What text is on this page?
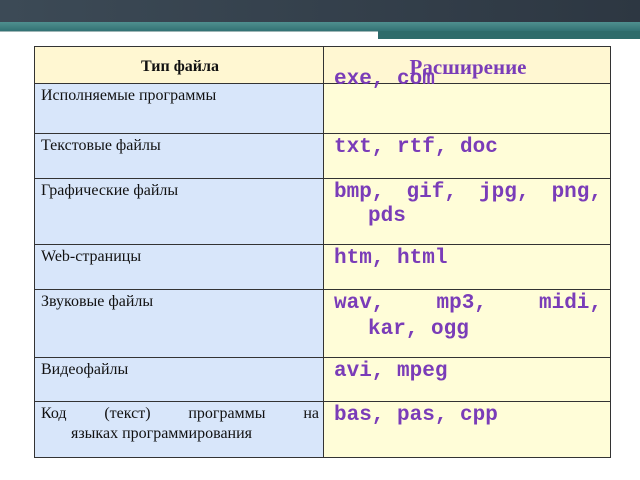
Тип файла	Расширение

Исполняемые программы	exe, com

Текстовые файлы	txt, rtf, doc

Графические файлы	bmp, gif, jpg, png,
pds

Web-страницы	htm, html

Звуковые файлы	wav, mp3, midi,
kar, ogg

Видеофайлы	avi, mpeg

Код (текст) программы на
языках программирования	bas, pas, cpp
